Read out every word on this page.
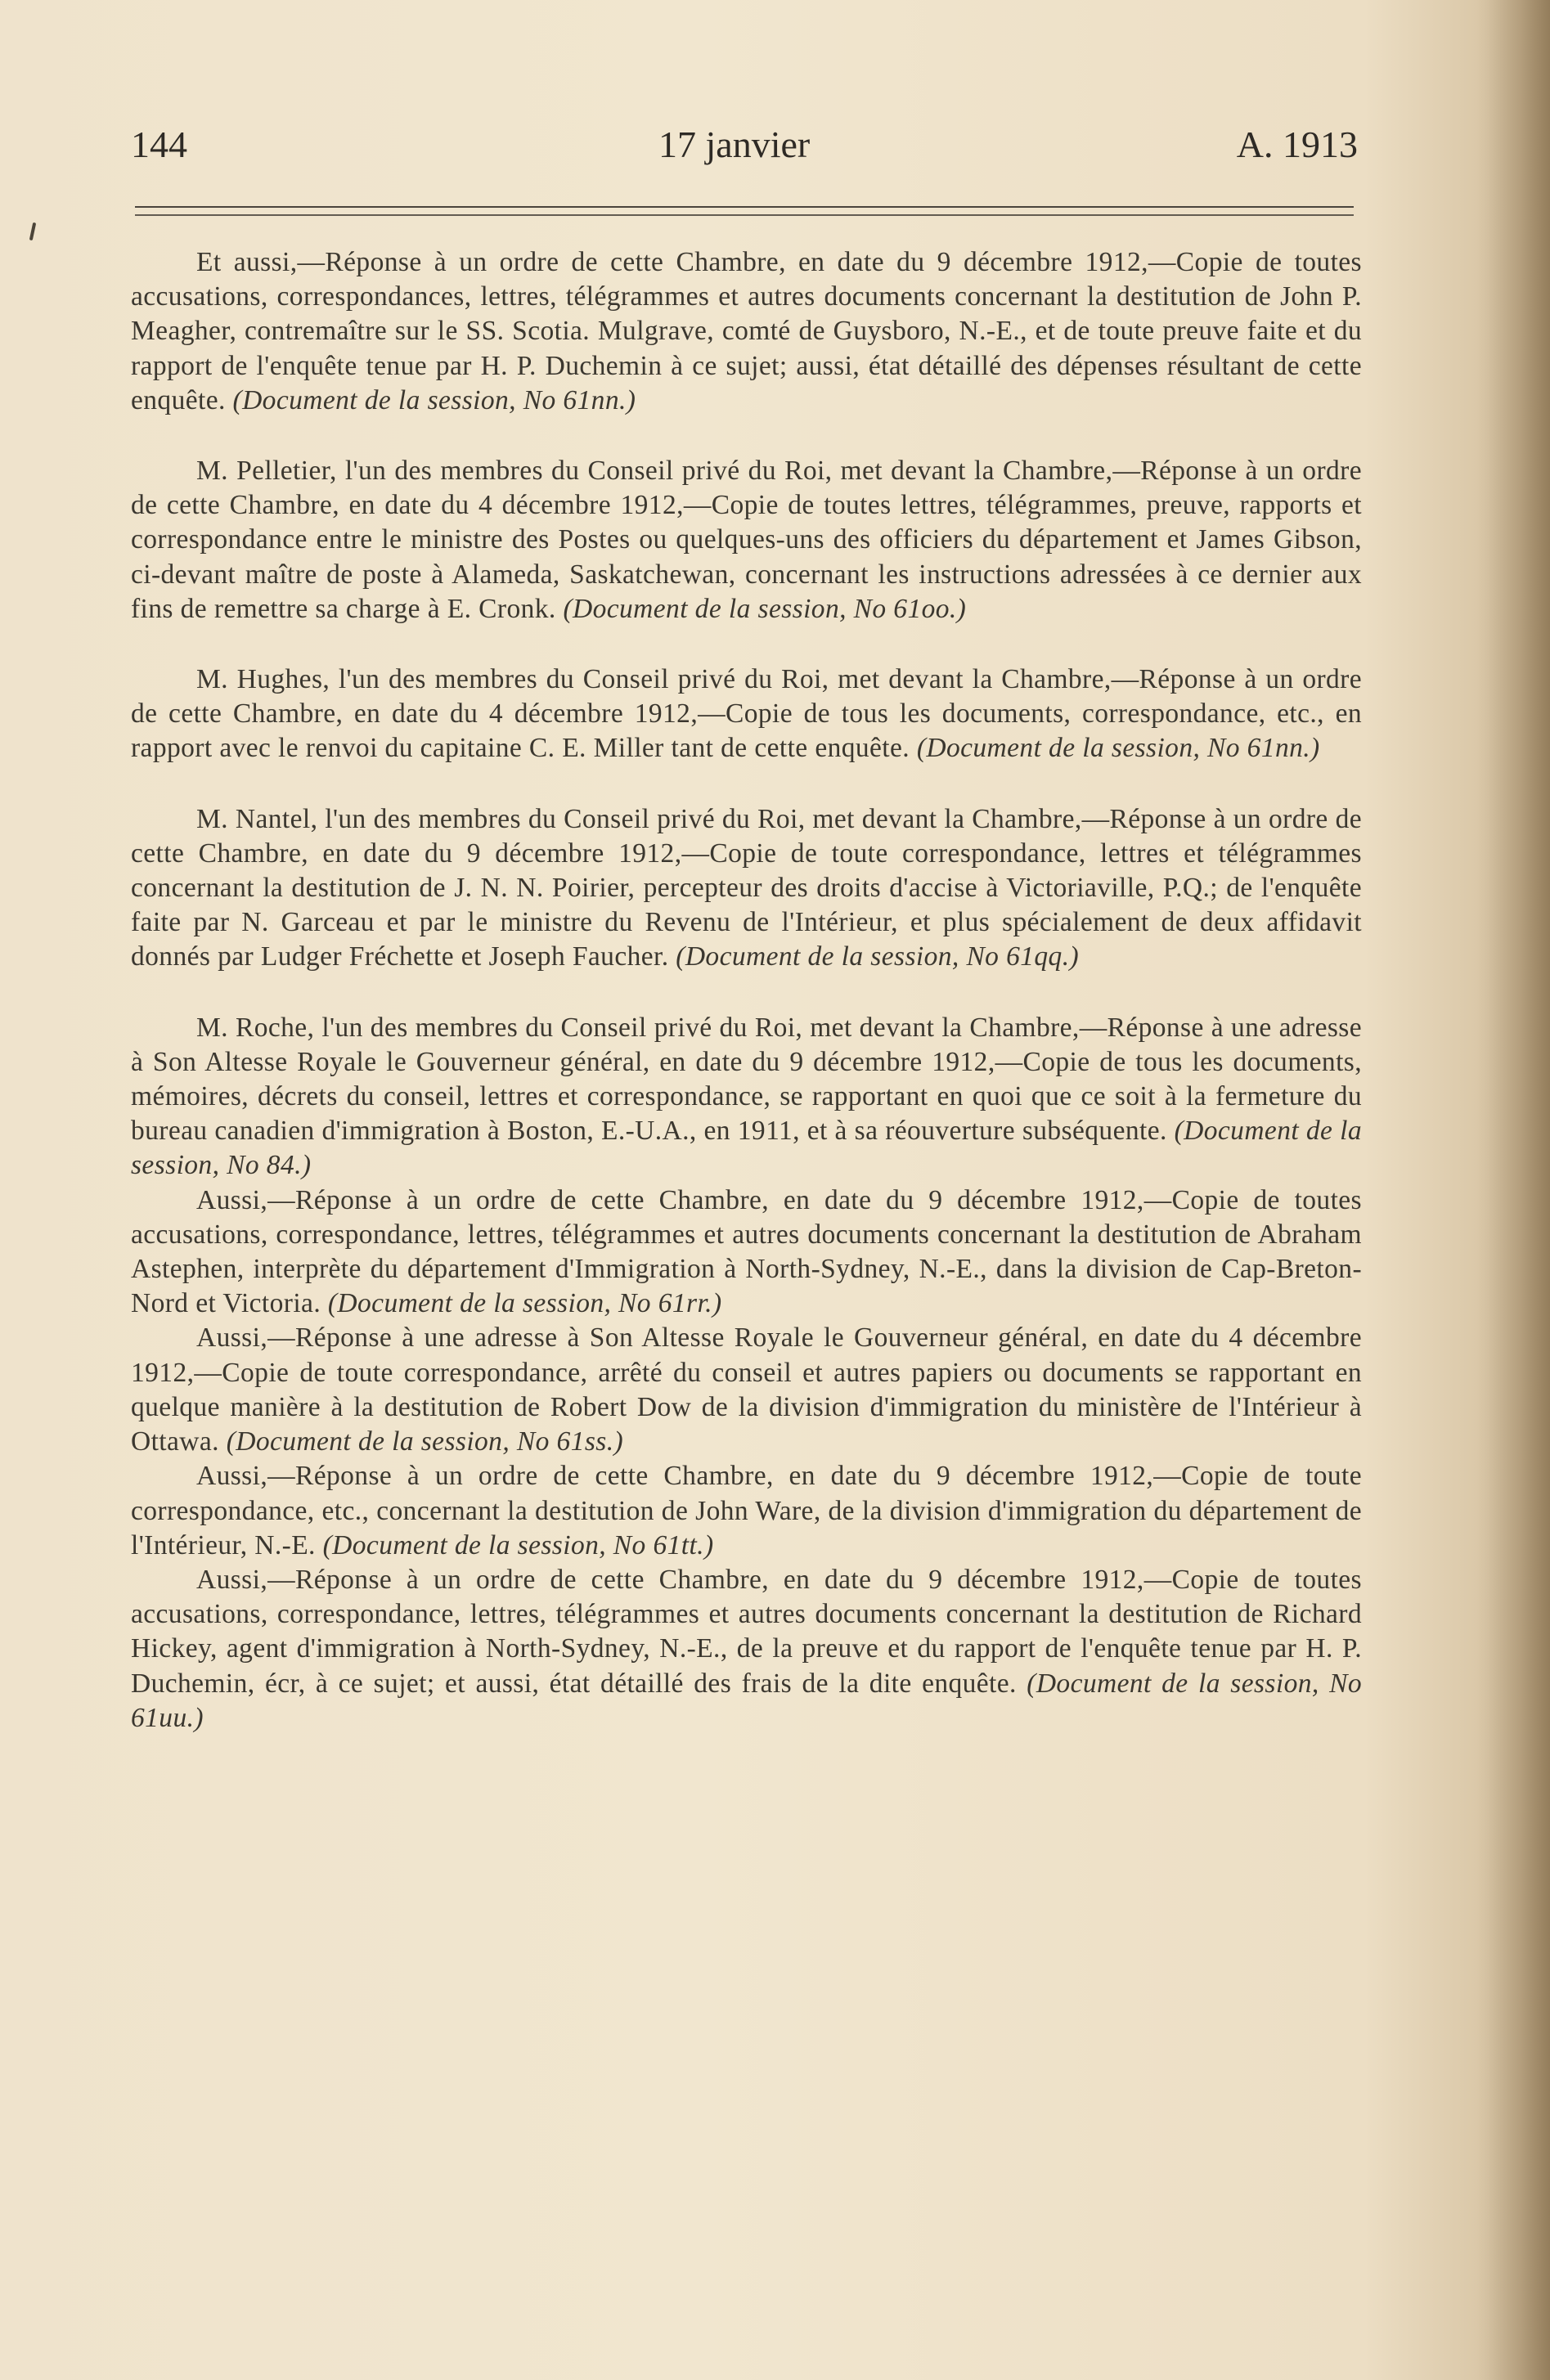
144	17 janvier	A. 1913

Et aussi,—Réponse à un ordre de cette Chambre, en date du 9 décembre 1912,—Copie de toutes accusations, correspondances, lettres, télégrammes et autres documents concernant la destitution de John P. Meagher, contremaître sur le SS. Scotia. Mulgrave, comté de Guysboro, N.-E., et de toute preuve faite et du rapport de l'enquête tenue par H. P. Duchemin à ce sujet; aussi, état détaillé des dépenses résultant de cette enquête. (Document de la session, No 61nn.)

M. Pelletier, l'un des membres du Conseil privé du Roi, met devant la Chambre,—Réponse à un ordre de cette Chambre, en date du 4 décembre 1912,—Copie de toutes lettres, télégrammes, preuve, rapports et correspondance entre le ministre des Postes ou quelques-uns des officiers du département et James Gibson, ci-devant maître de poste à Alameda, Saskatchewan, concernant les instructions adressées à ce dernier aux fins de remettre sa charge à E. Cronk. (Document de la session, No 61oo.)

M. Hughes, l'un des membres du Conseil privé du Roi, met devant la Chambre,—Réponse à un ordre de cette Chambre, en date du 4 décembre 1912,—Copie de tous les documents, correspondance, etc., en rapport avec le renvoi du capitaine C. E. Miller tant de cette enquête. (Document de la session, No 61nn.)

M. Nantel, l'un des membres du Conseil privé du Roi, met devant la Chambre,—Réponse à un ordre de cette Chambre, en date du 9 décembre 1912,—Copie de toute correspondance, lettres et télégrammes concernant la destitution de J. N. N. Poirier, percepteur des droits d'accise à Victoriaville, P.Q.; de l'enquête faite par N. Garceau et par le ministre du Revenu de l'Intérieur, et plus spécialement de deux affidavit donnés par Ludger Fréchette et Joseph Faucher. (Document de la session, No 61qq.)

M. Roche, l'un des membres du Conseil privé du Roi, met devant la Chambre,—Réponse à une adresse à Son Altesse Royale le Gouverneur général, en date du 9 décembre 1912,—Copie de tous les documents, mémoires, décrets du conseil, lettres et correspondance, se rapportant en quoi que ce soit à la fermeture du bureau canadien d'immigration à Boston, E.-U.A., en 1911, et à sa réouverture subséquente. (Document de la session, No 84.)

Aussi,—Réponse à un ordre de cette Chambre, en date du 9 décembre 1912,—Copie de toutes accusations, correspondance, lettres, télégrammes et autres documents concernant la destitution de Abraham Astephen, interprète du département d'Immigration à North-Sydney, N.-E., dans la division de Cap-Breton-Nord et Victoria. (Document de la session, No 61rr.)

Aussi,—Réponse à une adresse à Son Altesse Royale le Gouverneur général, en date du 4 décembre 1912,—Copie de toute correspondance, arrêté du conseil et autres papiers ou documents se rapportant en quelque manière à la destitution de Robert Dow de la division d'immigration du ministère de l'Intérieur à Ottawa. (Document de la session, No 61ss.)

Aussi,—Réponse à un ordre de cette Chambre, en date du 9 décembre 1912,—Copie de toute correspondance, etc., concernant la destitution de John Ware, de la division d'immigration du département de l'Intérieur, N.-E. (Document de la session, No 61tt.)

Aussi,—Réponse à un ordre de cette Chambre, en date du 9 décembre 1912,—Copie de toutes accusations, correspondance, lettres, télégrammes et autres documents concernant la destitution de Richard Hickey, agent d'immigration à North-Sydney, N.-E., de la preuve et du rapport de l'enquête tenue par H. P. Duchemin, écr, à ce sujet; et aussi, état détaillé des frais de la dite enquête. (Document de la session, No 61uu.)
